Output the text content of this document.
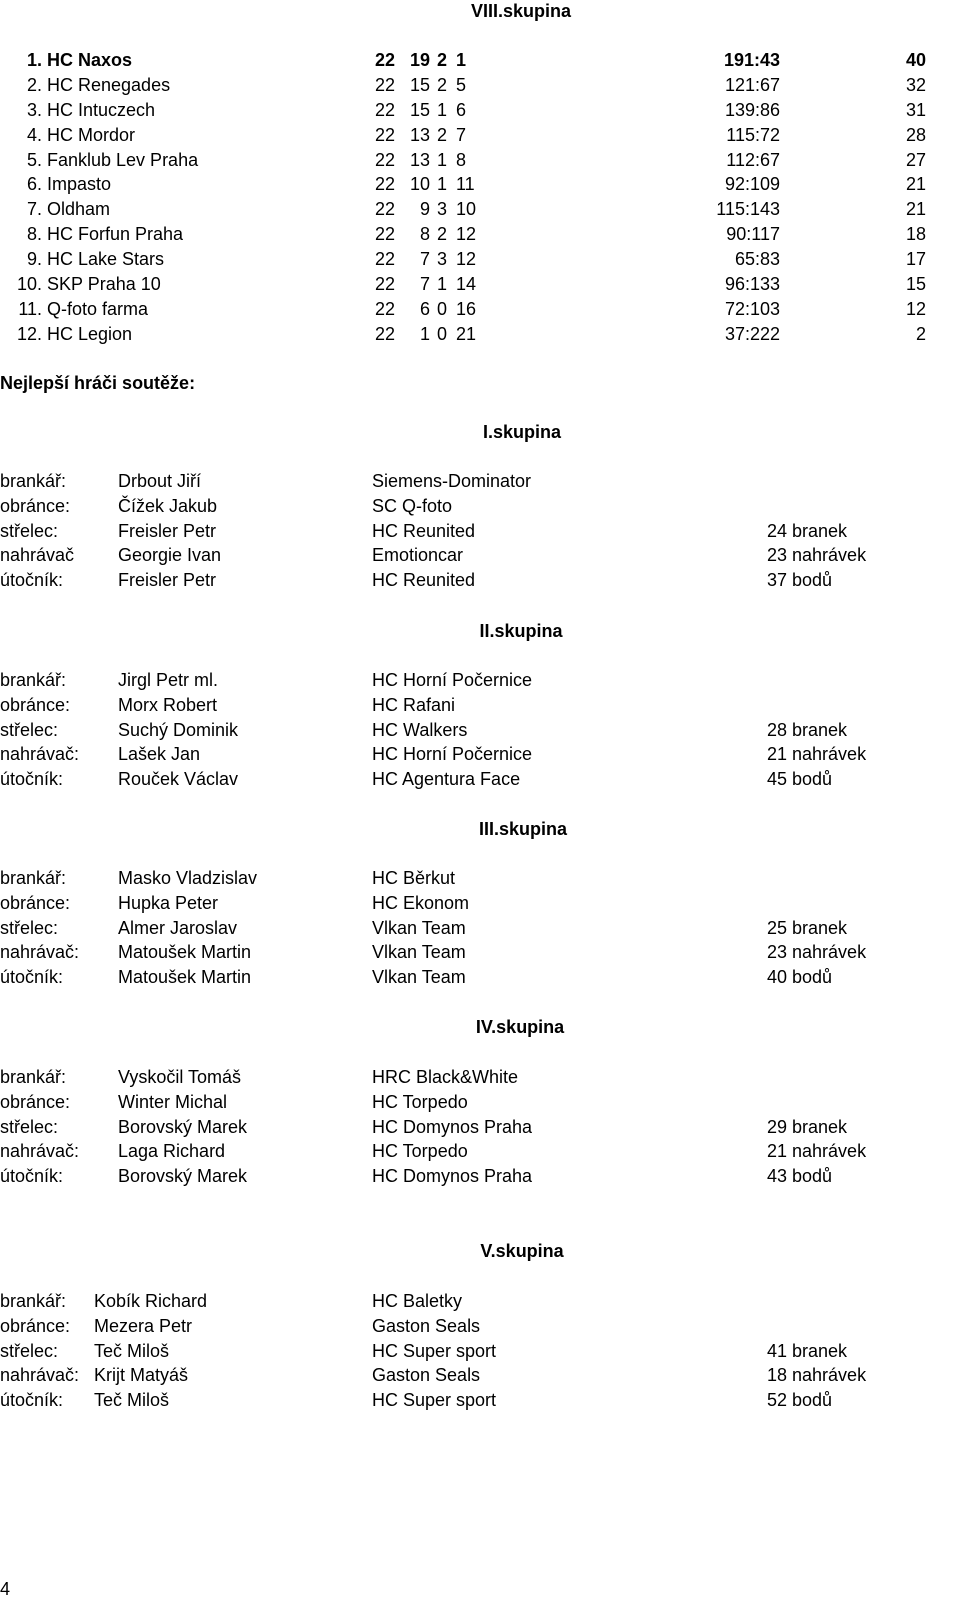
VIII.skupina
1. HC Naxos	22 19 2 1	191:43	40
2. HC Renegades	22 15 2 5	121:67	32
3. HC Intuczech	22 15 1 6	139:86	31
4. HC Mordor	22 13 2 7	115:72	28
5. Fanklub Lev Praha	22 13 1 8	112:67	27
6. Impasto	22 10 1 11	92:109	21
7. Oldham	22	9 3 10	115:143	21
8. HC Forfun Praha	22	8 2 12	90:117	18
9. HC Lake Stars	22	7 3 12	65:83	17
10. SKP Praha 10	22	7 1 14	96:133	15
11. Q-foto farma	22	6 0 16	72:103	12
12. HC Legion	22	1 0 21	37:222	2
Nejlepší hráči soutěže:
I.skupina
brankář:	Drbout Jiří	Siemens-Dominator
obránce:	Čížek Jakub	SC Q-foto
střelec:	Freisler Petr	HC Reunited	24 branek
nahrávač Georgie Ivan	Emotioncar	23 nahrávek
útočník:	Freisler Petr	HC Reunited	37 bodů
II.skupina
brankář:	Jirgl Petr ml.	HC Horní Počernice
obránce:	Morx Robert	HC Rafani
střelec:	Suchý Dominik	HC Walkers	28 branek
nahrávač: Lašek Jan	HC Horní Počernice	21 nahrávek
útočník:	Rouček Václav	HC Agentura Face	45 bodů
III.skupina
brankář:	Masko Vladzislav	HC Běrkut
obránce:	Hupka Peter	HC Ekonom
střelec:	Almer Jaroslav	Vlkan Team	25 branek
nahrávač: Matoušek Martin	Vlkan Team	23 nahrávek
útočník:	Matoušek Martin	Vlkan Team	40 bodů
IV.skupina
brankář:	Vyskočil Tomáš	HRC Black&White
obránce:	Winter Michal	HC Torpedo
střelec:	Borovský Marek	HC Domynos Praha	29 branek
nahrávač: Laga Richard	HC Torpedo	21 nahrávek
útočník:	Borovský Marek	HC Domynos Praha	43 bodů
V.skupina
brankář: Kobík Richard	HC Baletky
obránce: Mezera Petr	Gaston Seals
střelec: Teč Miloš	HC Super sport	41 branek
nahrávač: Krijt Matyáš	Gaston Seals	18 nahrávek
útočník: Teč Miloš	HC Super sport	52 bodů
4
